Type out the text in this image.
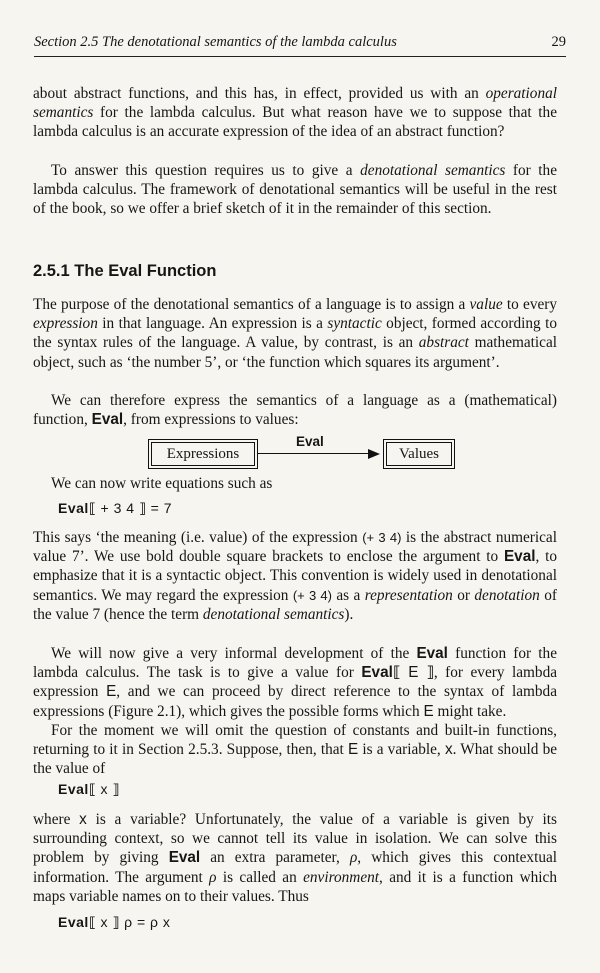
Section 2.5 The denotational semantics of the lambda calculus	29

about abstract functions, and this has, in effect, provided us with an operational semantics for the lambda calculus. But what reason have we to suppose that the lambda calculus is an accurate expression of the idea of an abstract function?

To answer this question requires us to give a denotational semantics for the lambda calculus. The framework of denotational semantics will be useful in the rest of the book, so we offer a brief sketch of it in the remainder of this section.

2.5.1 The Eval Function

The purpose of the denotational semantics of a language is to assign a value to every expression in that language. An expression is a syntactic object, formed according to the syntax rules of the language. A value, by contrast, is an abstract mathematical object, such as ‘the number 5’, or ‘the function which squares its argument’.

We can therefore express the semantics of a language as a (mathematical) function, Eval, from expressions to values:

Expressions
Eval
Values

We can now write equations such as

Eval⟦ + 3 4 ⟧ = 7

This says ‘the meaning (i.e. value) of the expression (+ 3 4) is the abstract numerical value 7’. We use bold double square brackets to enclose the argument to Eval, to emphasize that it is a syntactic object. This convention is widely used in denotational semantics. We may regard the expression (+ 3 4) as a representation or denotation of the value 7 (hence the term denotational semantics).

We will now give a very informal development of the Eval function for the lambda calculus. The task is to give a value for Eval⟦ E ⟧, for every lambda expression E, and we can proceed by direct reference to the syntax of lambda expressions (Figure 2.1), which gives the possible forms which E might take.

For the moment we will omit the question of constants and built-in functions, returning to it in Section 2.5.3. Suppose, then, that E is a variable, x. What should be the value of

Eval⟦ x ⟧

where x is a variable? Unfortunately, the value of a variable is given by its surrounding context, so we cannot tell its value in isolation. We can solve this problem by giving Eval an extra parameter, ρ, which gives this contextual information. The argument ρ is called an environment, and it is a function which maps variable names on to their values. Thus

Eval⟦ x ⟧ ρ = ρ x
